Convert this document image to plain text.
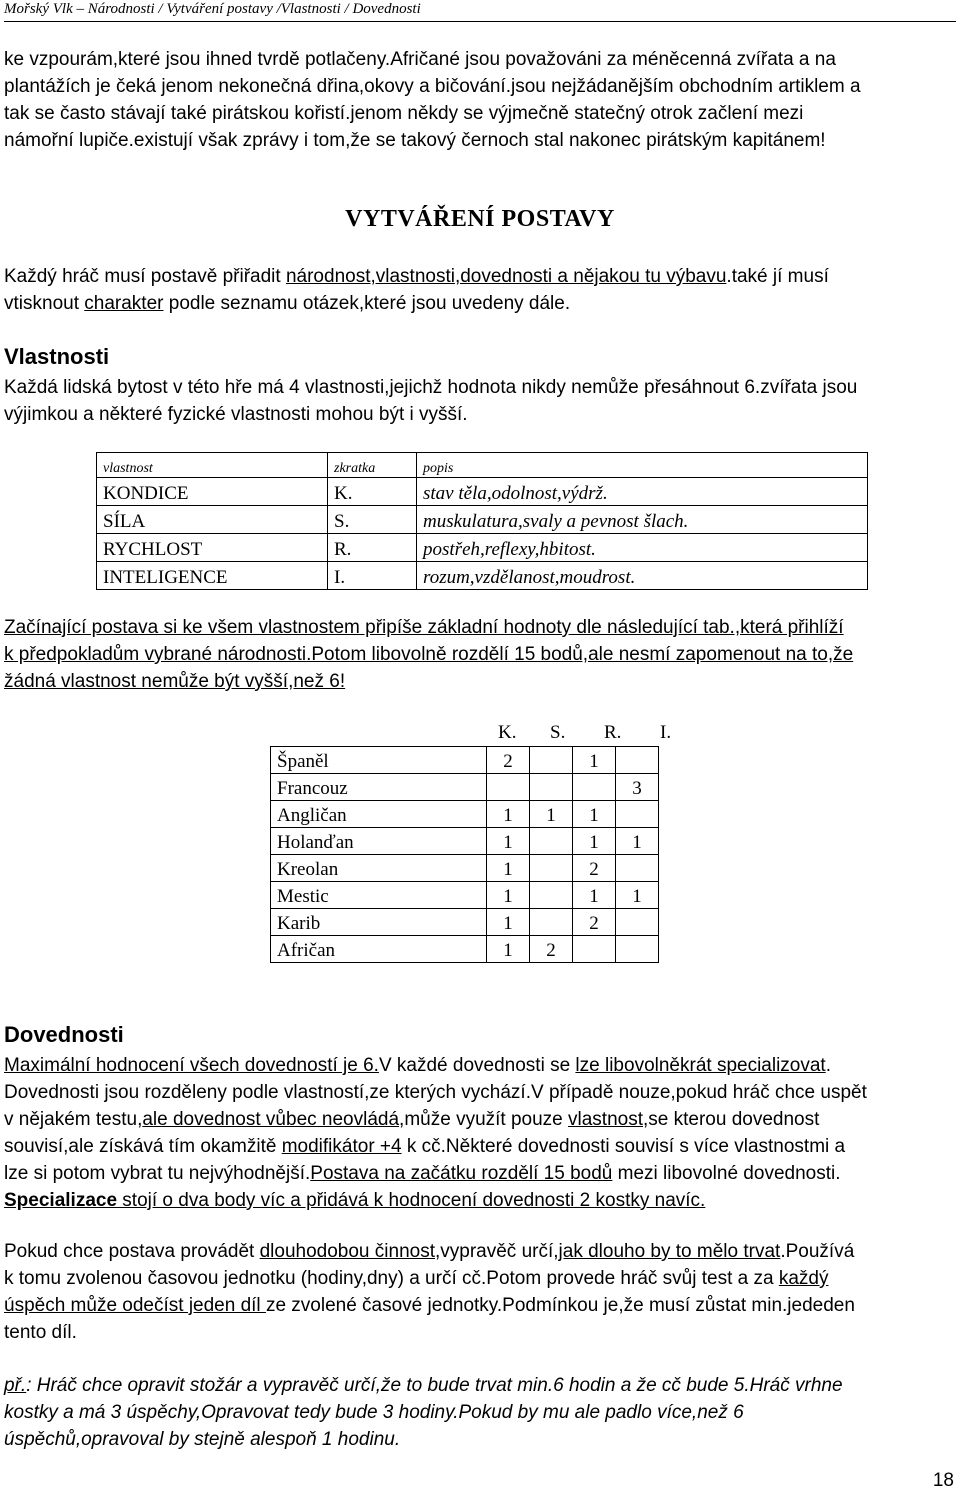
Mořský Vlk – Národnosti / Vytváření postavy /Vlastnosti / Dovednosti
ke vzpourám,které jsou ihned tvrdě potlačeny.Afričané jsou považováni za méněcenná zvířata a na
plantážích je čeká jenom nekonečná dřina,okovy a bičování.jsou nejžádanějším obchodním artiklem a
tak se často stávají také pirátskou kořistí.jenom někdy se výjmečně statečný otrok začlení mezi
námořní lupiče.existují však zprávy i tom,že se takový černoch stal nakonec pirátským kapitánem!
VYTVÁŘENÍ POSTAVY
Každý hráč musí postavě přiřadit národnost,vlastnosti,dovednosti a nějakou tu výbavu.také jí musí
vtisknout charakter podle seznamu otázek,které jsou uvedeny dále.
Vlastnosti
Každá lidská bytost v této hře má 4 vlastnosti,jejichž hodnota nikdy nemůže přesáhnout 6.zvířata jsou
výjimkou a některé fyzické vlastnosti mohou být i vyšší.
vlastnost	zkratka	popis
KONDICE	K.	stav těla,odolnost,výdrž.
SÍLA	S.	muskulatura,svaly a pevnost šlach.
RYCHLOST	R.	postřeh,reflexy,hbitost.
INTELIGENCE	I.	rozum,vzdělanost,moudrost.
Začínající postava si ke všem vlastnostem připíše základní hodnoty dle následující tab.,která přihlíží
k předpokladům vybrané národnosti.Potom libovolně rozdělí 15 bodů,ale nesmí zapomenout na to,že
žádná vlastnost nemůže být vyšší,než 6!
K. S. R. I.
Španěl	2		1	
Francouz				3
Angličan	1	1	1	
Holanďan	1		1	1
Kreolan	1		2	
Mestic	1		1	1
Karib	1		2	
Afričan	1	2		
Dovednosti
Maximální hodnocení všech dovedností je 6.V každé dovednosti se lze libovolněkrát specializovat.
Dovednosti jsou rozděleny podle vlastností,ze kterých vychází.V případě nouze,pokud hráč chce uspět
v nějakém testu,ale dovednost vůbec neovládá,může využít pouze vlastnost,se kterou dovednost
souvisí,ale získává tím okamžitě modifikátor +4 k cč.Některé dovednosti souvisí s více vlastnostmi a
lze si potom vybrat tu nejvýhodnější.Postava na začátku rozdělí 15 bodů mezi libovolné dovednosti.
Specializace stojí o dva body víc a přidává k hodnocení dovednosti 2 kostky navíc.
Pokud chce postava provádět dlouhodobou činnost,vypravěč určí,jak dlouho by to mělo trvat.Používá
k tomu zvolenou časovou jednotku (hodiny,dny) a určí cč.Potom provede hráč svůj test a za každý
úspěch může odečíst jeden díl ze zvolené časové jednotky.Podmínkou je,že musí zůstat min.jededen
tento díl.
př.: Hráč chce opravit stožár a vypravěč určí,že to bude trvat min.6 hodin a že cč bude 5.Hráč vrhne
kostky a má 3 úspěchy,Opravovat tedy bude 3 hodiny.Pokud by mu ale padlo více,než 6
úspěchů,opravoval by stejně alespoň 1 hodinu.
18
